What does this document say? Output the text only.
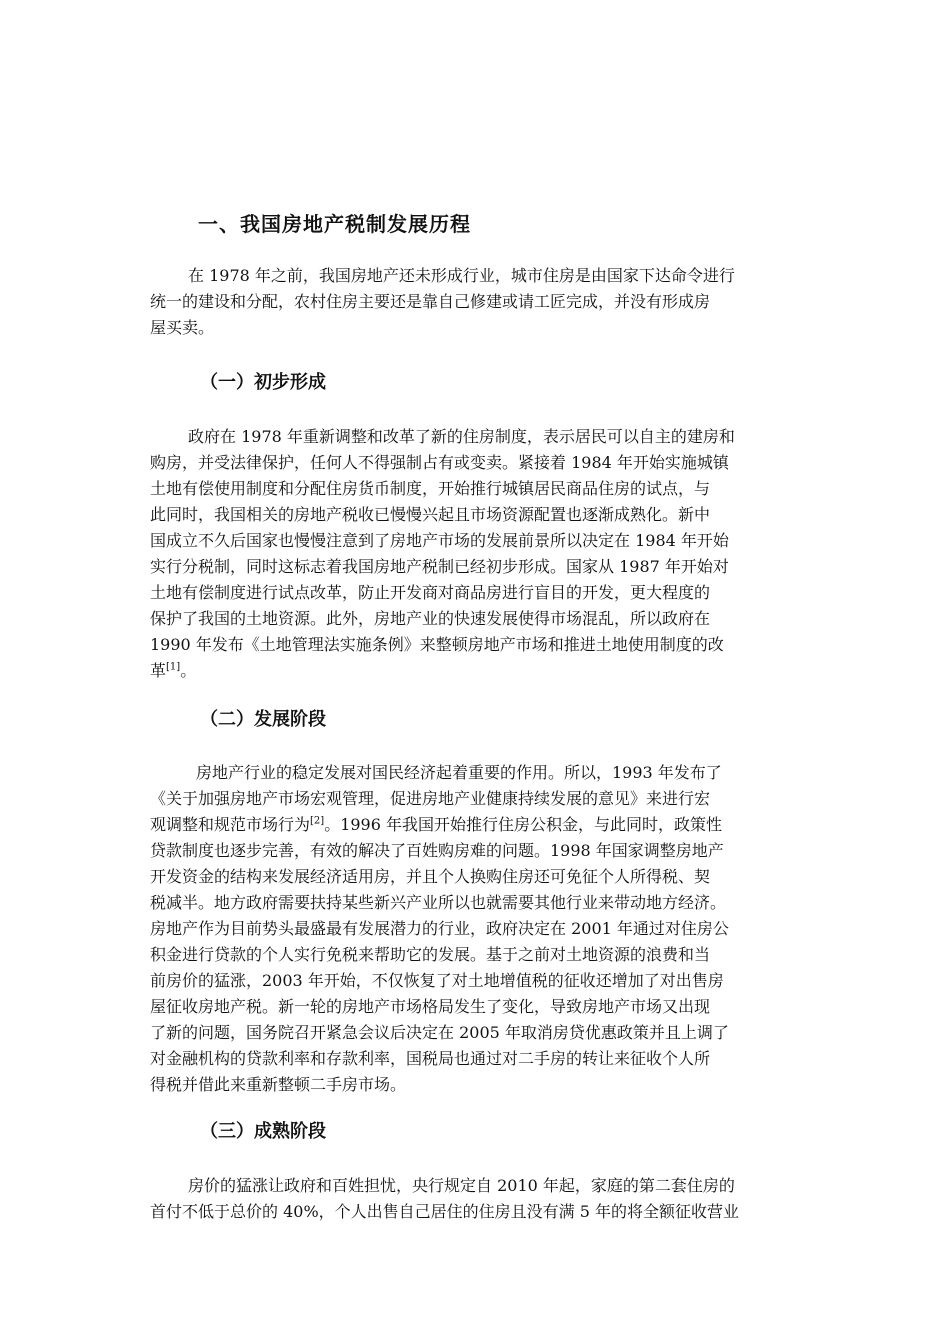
一、我国房地产税制发展历程
在 1978 年之前，我国房地产还未形成行业，城市住房是由国家下达命令进行
统一的建设和分配，农村住房主要还是靠自己修建或请工匠完成，并没有形成房
屋买卖。
（一）初步形成
政府在 1978 年重新调整和改革了新的住房制度，表示居民可以自主的建房和
购房，并受法律保护，任何人不得强制占有或变卖。紧接着 1984 年开始实施城镇
土地有偿使用制度和分配住房货币制度，开始推行城镇居民商品住房的试点，与
此同时，我国相关的房地产税收已慢慢兴起且市场资源配置也逐渐成熟化。新中
国成立不久后国家也慢慢注意到了房地产市场的发展前景所以决定在 1984 年开始
实行分税制，同时这标志着我国房地产税制已经初步形成。国家从 1987 年开始对
土地有偿制度进行试点改革，防止开发商对商品房进行盲目的开发，更大程度的
保护了我国的土地资源。此外，房地产业的快速发展使得市场混乱，所以政府在
1990 年发布《土地管理法实施条例》来整顿房地产市场和推进土地使用制度的改
革[1]。
（二）发展阶段
房地产行业的稳定发展对国民经济起着重要的作用。所以，1993 年发布了
《关于加强房地产市场宏观管理，促进房地产业健康持续发展的意见》来进行宏
观调整和规范市场行为[2]。1996 年我国开始推行住房公积金，与此同时，政策性
贷款制度也逐步完善，有效的解决了百姓购房难的问题。1998 年国家调整房地产
开发资金的结构来发展经济适用房，并且个人换购住房还可免征个人所得税、契
税减半。地方政府需要扶持某些新兴产业所以也就需要其他行业来带动地方经济。
房地产作为目前势头最盛最有发展潜力的行业，政府决定在 2001 年通过对住房公
积金进行贷款的个人实行免税来帮助它的发展。基于之前对土地资源的浪费和当
前房价的猛涨，2003 年开始，不仅恢复了对土地增值税的征收还增加了对出售房
屋征收房地产税。新一轮的房地产市场格局发生了变化，导致房地产市场又出现
了新的问题，国务院召开紧急会议后决定在 2005 年取消房贷优惠政策并且上调了
对金融机构的贷款利率和存款利率，国税局也通过对二手房的转让来征收个人所
得税并借此来重新整顿二手房市场。
（三）成熟阶段
房价的猛涨让政府和百姓担忧，央行规定自 2010 年起，家庭的第二套住房的
首付不低于总价的 40%，个人出售自己居住的住房且没有满 5 年的将全额征收营业
